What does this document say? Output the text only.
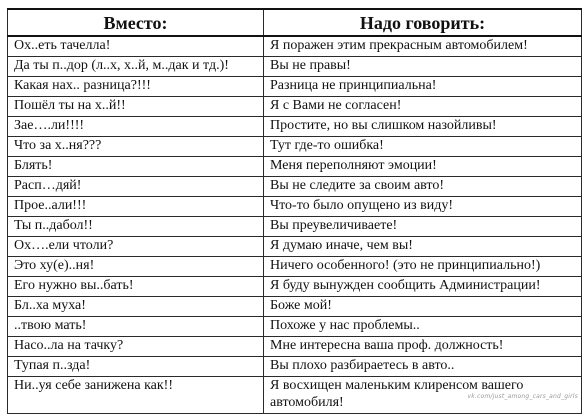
Вместо:	Надо говорить:
Ох..еть тачелла!	Я поражен этим прекрасным автомобилем!
Да ты п..дор (л..х, х..й, м..дак и тд.)!	Вы не правы!
Какая нах.. разница?!!!	Разница не принципиальна!
Пошёл ты на х..й!!	Я с Вами не согласен!
Зае….ли!!!!	Простите, но вы слишком назойливы!
Что за х..ня???	Тут где-то ошибка!
Блять!	Меня переполняют эмоции!
Расп…дяй!	Вы не следите за своим авто!
Прое..али!!!	Что-то было опущено из виду!
Ты п..дабол!!	Вы преувеличиваете!
Ох….ели чтоли?	Я думаю иначе, чем вы!
Это ху(е)..ня!	Ничего особенного! (это не принципиально!)
Его нужно вы..бать!	Я буду вынужден сообщить Администрации!
Бл..ха муха!	Боже мой!
..твою мать!	Похоже у нас проблемы..
Насо..ла на тачку?	Мне интересна ваша проф. должность!
Тупая п..зда!	Вы плохо разбираетесь в авто..
Ни..уя себе занижена как!!	Я восхищен маленьким клиренсом вашего автомобиля!	vk.com/just_among_cars_and_girls
